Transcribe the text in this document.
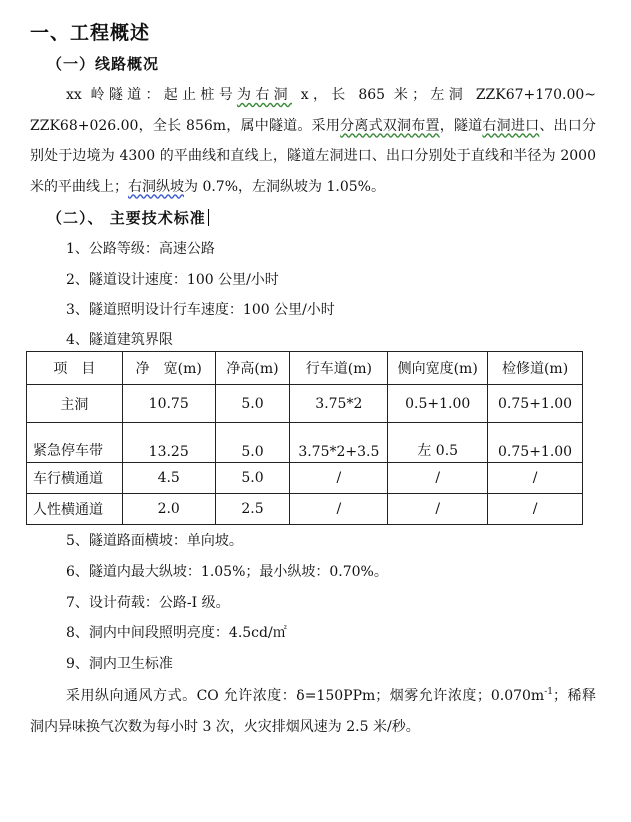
一、工程概述
（一）线路概况
xx 岭隧道：起止桩号为右洞 x，长 865 米；左洞 ZZK67+170.00~ ZZK68+026.00，全长 856m，属中隧道。采用分离式双洞布置，隧道右洞进口、出口分别处于边境为 4300 的平曲线和直线上，隧道左洞进口、出口分别处于直线和半径为 2000 米的平曲线上；右洞纵坡为 0.7%，左洞纵坡为 1.05%。
（二）、 主要技术标准
1、公路等级：高速公路
2、隧道设计速度：100 公里/小时
3、隧道照明设计行车速度：100 公里/小时
4、隧道建筑界限
项　目	净　宽(m)	净高(m)	行车道(m)	侧向宽度(m)	检修道(m)
主洞	10.75	5.0	3.75*2	0.5+1.00	0.75+1.00
紧急停车带	13.25	5.0	3.75*2+3.5	左 0.5	0.75+1.00
车行横通道	4.5	5.0	/	/	/
人性横通道	2.0	2.5	/	/	/
5、隧道路面横坡：单向坡。
6、隧道内最大纵坡：1.05%；最小纵坡：0.70%。
7、设计荷载：公路-I 级。
8、洞内中间段照明亮度：4.5cd/㎡
9、洞内卫生标准
采用纵向通风方式。CO 允许浓度：δ=150PPm；烟雾允许浓度；$0.070m^{-1}$；稀释洞内异味换气次数为每小时 3 次，火灾排烟风速为 2.5 米/秒。
